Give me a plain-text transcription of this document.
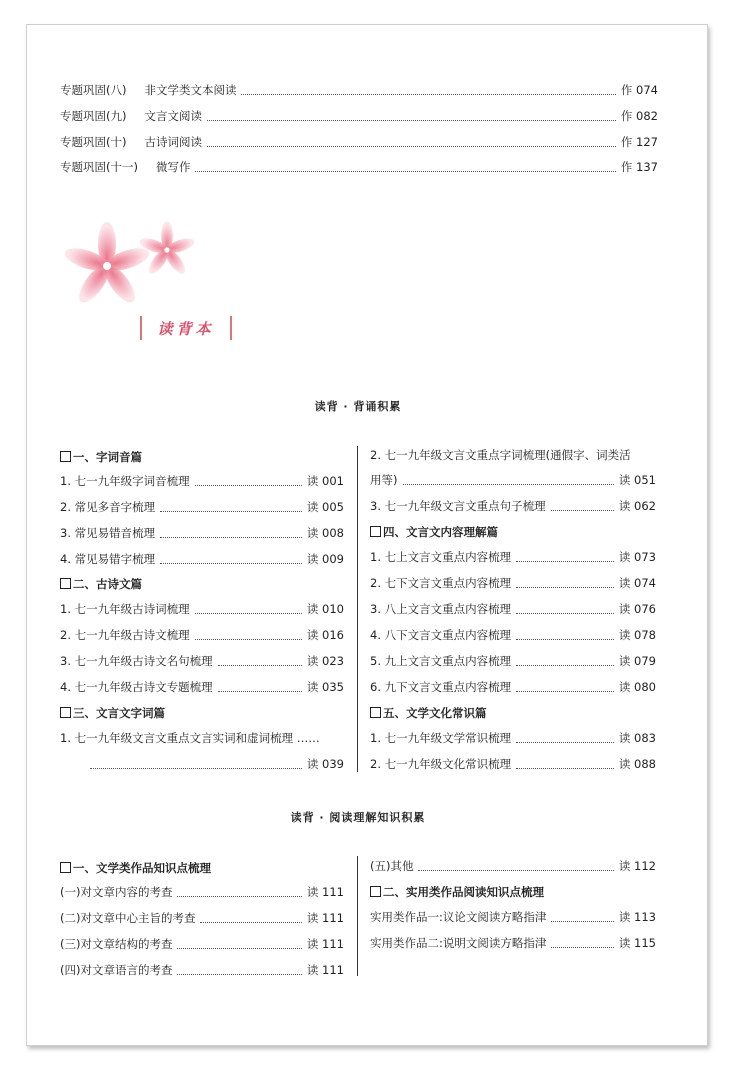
专题巩固(八) 非文学类文本阅读	作 074
专题巩固(九) 文言文阅读	作 082
专题巩固(十) 古诗词阅读	作 127
专题巩固(十一) 微写作	作 137
读背本
读背 · 背诵积累
一、字词音篇
1. 七一九年级字词音梳理	读 001
2. 常见多音字梳理	读 005
3. 常见易错音梳理	读 008
4. 常见易错字梳理	读 009
二、古诗文篇
1. 七一九年级古诗词梳理	读 010
2. 七一九年级古诗文梳理	读 016
3. 七一九年级古诗文名句梳理	读 023
4. 七一九年级古诗文专题梳理	读 035
三、文言文字词篇
1. 七一九年级文言文重点文言实词和虚词梳理 ……
读 039
2. 七一九年级文言文重点字词梳理(通假字、词类活
用等)	读 051
3. 七一九年级文言文重点句子梳理	读 062
四、文言文内容理解篇
1. 七上文言文重点内容梳理	读 073
2. 七下文言文重点内容梳理	读 074
3. 八上文言文重点内容梳理	读 076
4. 八下文言文重点内容梳理	读 078
5. 九上文言文重点内容梳理	读 079
6. 九下文言文重点内容梳理	读 080
五、文学文化常识篇
1. 七一九年级文学常识梳理	读 083
2. 七一九年级文化常识梳理	读 088
读背 · 阅读理解知识积累
一、文学类作品知识点梳理
(一)对文章内容的考查	读 111
(二)对文章中心主旨的考查	读 111
(三)对文章结构的考查	读 111
(四)对文章语言的考查	读 111
(五)其他	读 112
二、实用类作品阅读知识点梳理
实用类作品一:议论文阅读方略指津	读 113
实用类作品二:说明文阅读方略指津	读 115
